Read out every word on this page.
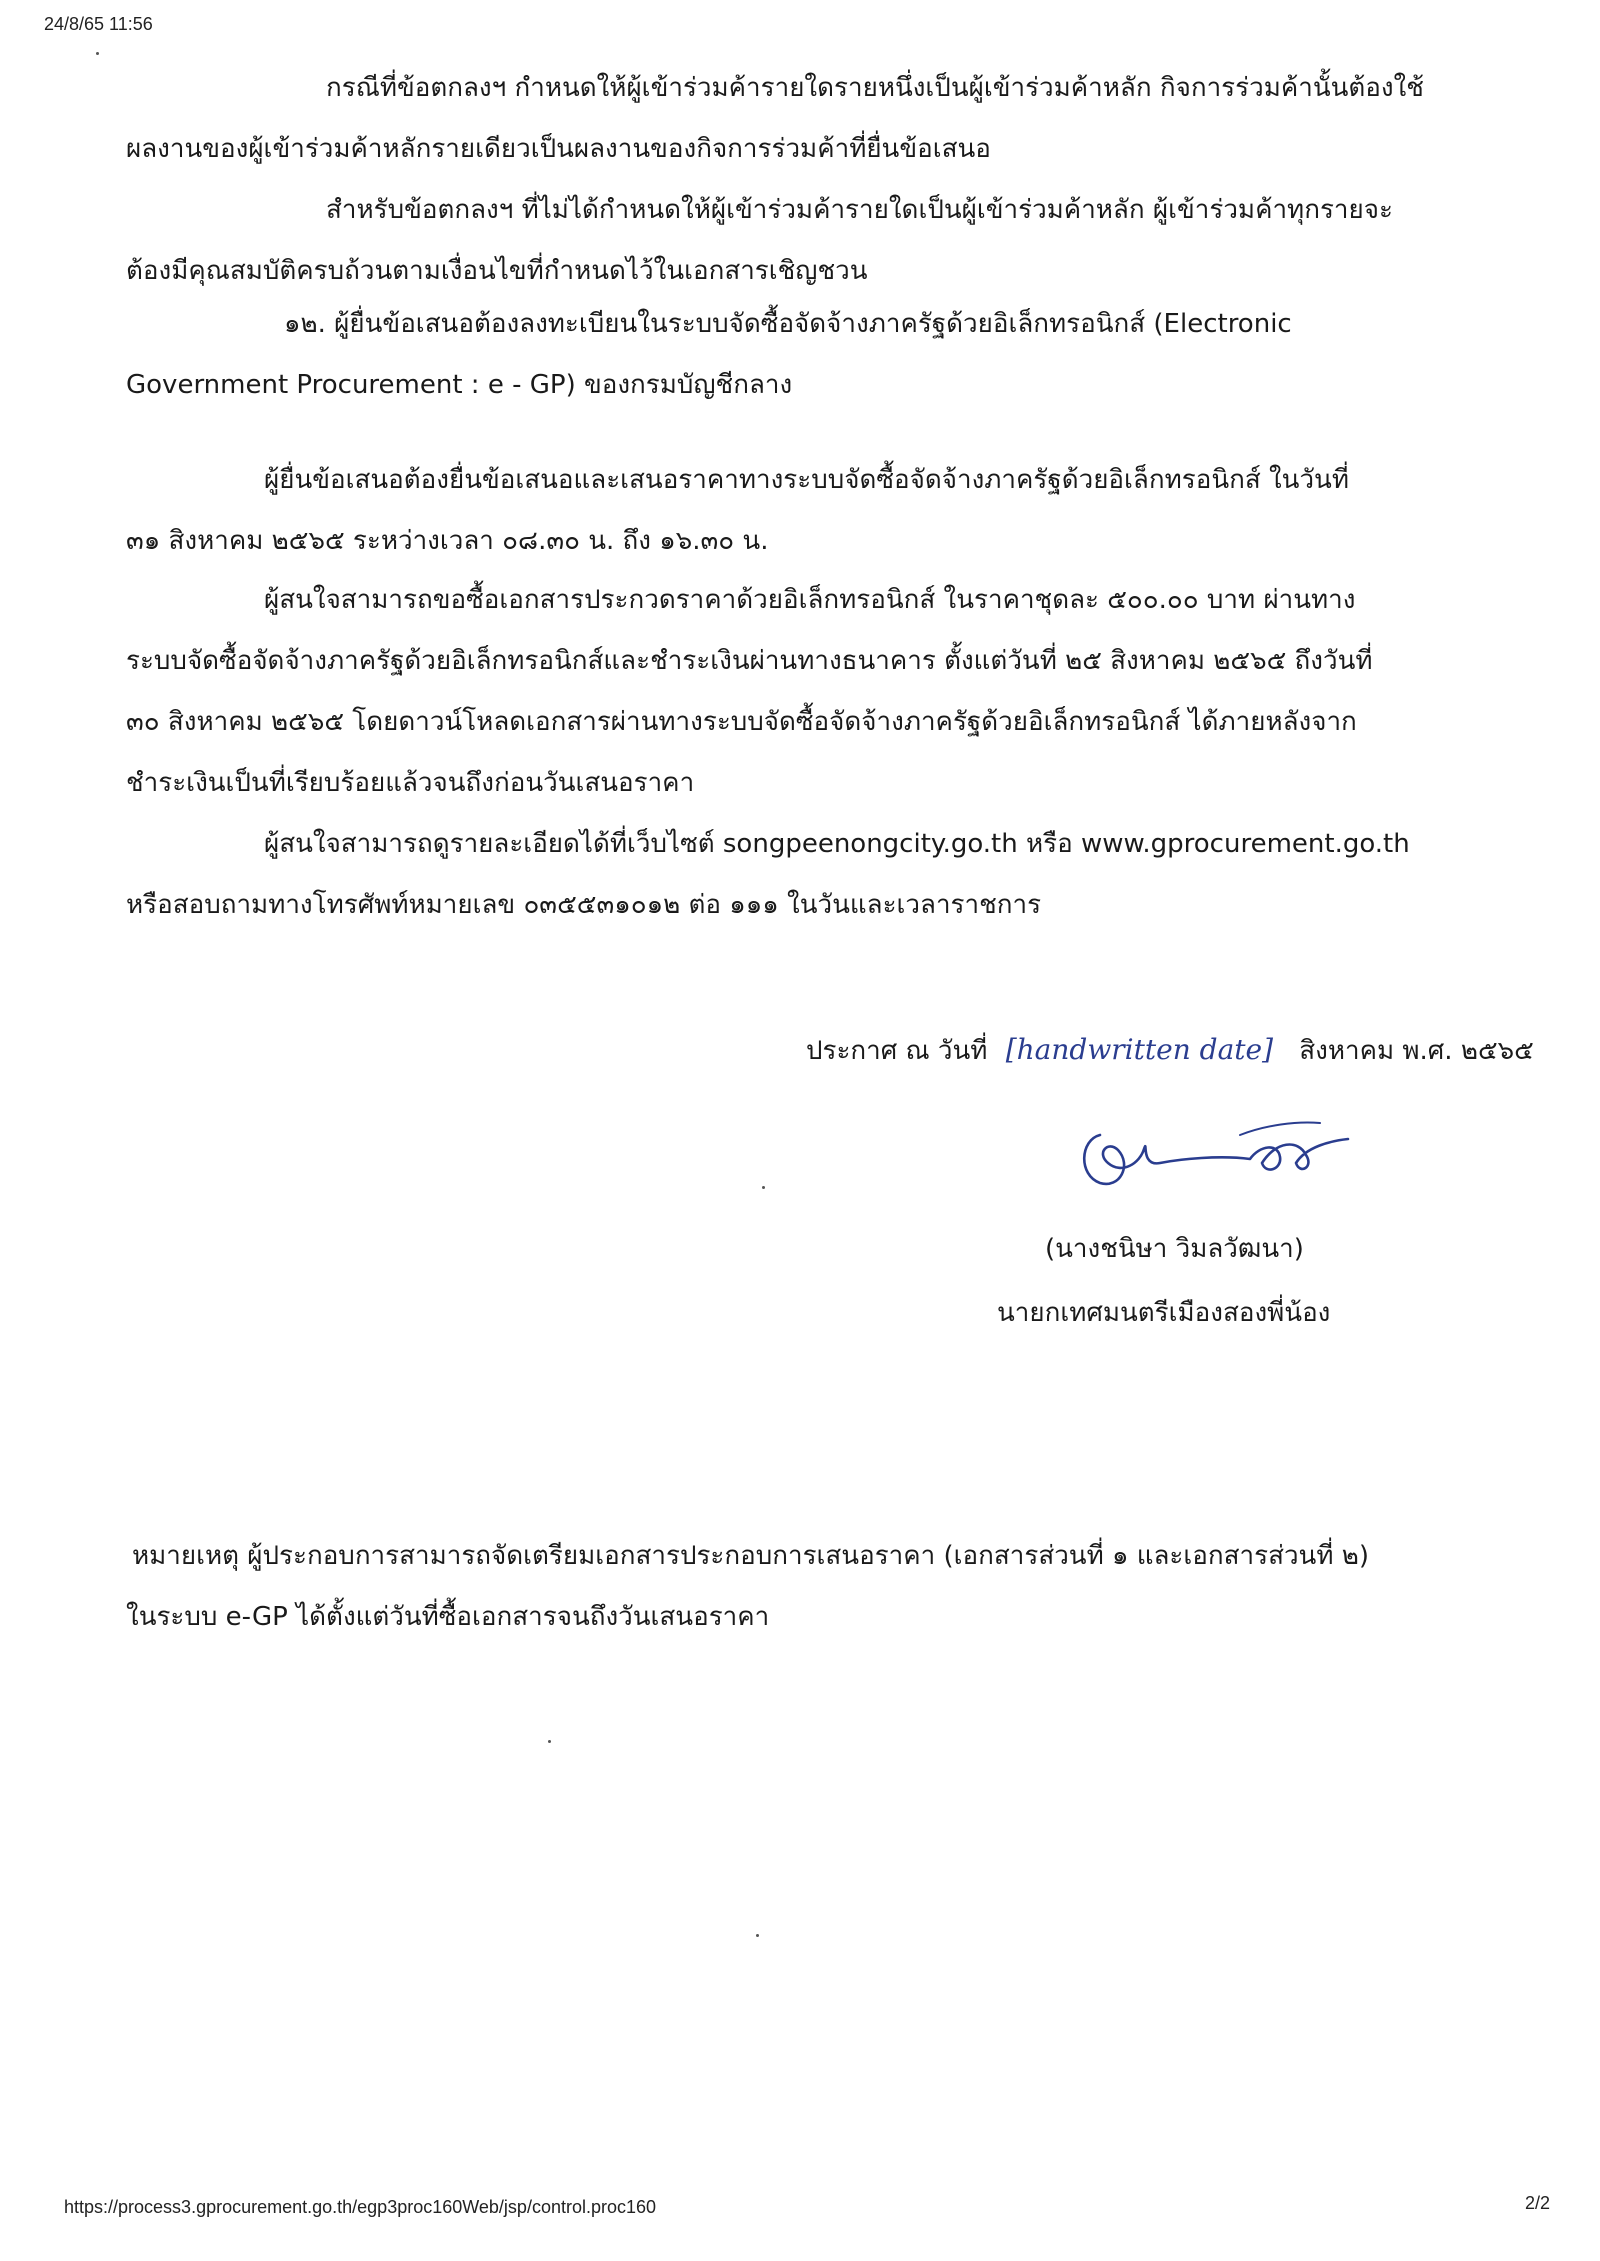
24/8/65 11:56
กรณีที่ข้อตกลงฯ กำหนดให้ผู้เข้าร่วมค้ารายใดรายหนึ่งเป็นผู้เข้าร่วมค้าหลัก กิจการร่วมค้านั้นต้องใช้
ผลงานของผู้เข้าร่วมค้าหลักรายเดียวเป็นผลงานของกิจการร่วมค้าที่ยื่นข้อเสนอ
สำหรับข้อตกลงฯ ที่ไม่ได้กำหนดให้ผู้เข้าร่วมค้ารายใดเป็นผู้เข้าร่วมค้าหลัก ผู้เข้าร่วมค้าทุกรายจะ
ต้องมีคุณสมบัติครบถ้วนตามเงื่อนไขที่กำหนดไว้ในเอกสารเชิญชวน
๑๒. ผู้ยื่นข้อเสนอต้องลงทะเบียนในระบบจัดซื้อจัดจ้างภาครัฐด้วยอิเล็กทรอนิกส์ (Electronic
Government Procurement : e - GP) ของกรมบัญชีกลาง
ผู้ยื่นข้อเสนอต้องยื่นข้อเสนอและเสนอราคาทางระบบจัดซื้อจัดจ้างภาครัฐด้วยอิเล็กทรอนิกส์ ในวันที่
๓๑ สิงหาคม ๒๕๖๕ ระหว่างเวลา ๐๘.๓๐ น. ถึง ๑๖.๓๐ น.
ผู้สนใจสามารถขอซื้อเอกสารประกวดราคาด้วยอิเล็กทรอนิกส์ ในราคาชุดละ ๕๐๐.๐๐ บาท ผ่านทาง
ระบบจัดซื้อจัดจ้างภาครัฐด้วยอิเล็กทรอนิกส์และชำระเงินผ่านทางธนาคาร ตั้งแต่วันที่ ๒๕ สิงหาคม ๒๕๖๕ ถึงวันที่
๓๐ สิงหาคม ๒๕๖๕ โดยดาวน์โหลดเอกสารผ่านทางระบบจัดซื้อจัดจ้างภาครัฐด้วยอิเล็กทรอนิกส์ ได้ภายหลังจาก
ชำระเงินเป็นที่เรียบร้อยแล้วจนถึงก่อนวันเสนอราคา
ผู้สนใจสามารถดูรายละเอียดได้ที่เว็บไซต์ songpeenongcity.go.th หรือ www.gprocurement.go.th
หรือสอบถามทางโทรศัพท์หมายเลข ๐๓๕๕๓๑๐๑๒ ต่อ ๑๑๑ ในวันและเวลาราชการ
ประกาศ ณ วันที่ [handwritten date] สิงหาคม พ.ศ. ๒๕๖๕
(นางชนิษา วิมลวัฒนา)
นายกเทศมนตรีเมืองสองพี่น้อง
หมายเหตุ ผู้ประกอบการสามารถจัดเตรียมเอกสารประกอบการเสนอราคา (เอกสารส่วนที่ ๑ และเอกสารส่วนที่ ๒)
ในระบบ e-GP ได้ตั้งแต่วันที่ซื้อเอกสารจนถึงวันเสนอราคา
https://process3.gprocurement.go.th/egp3proc160Web/jsp/control.proc160	2/2
